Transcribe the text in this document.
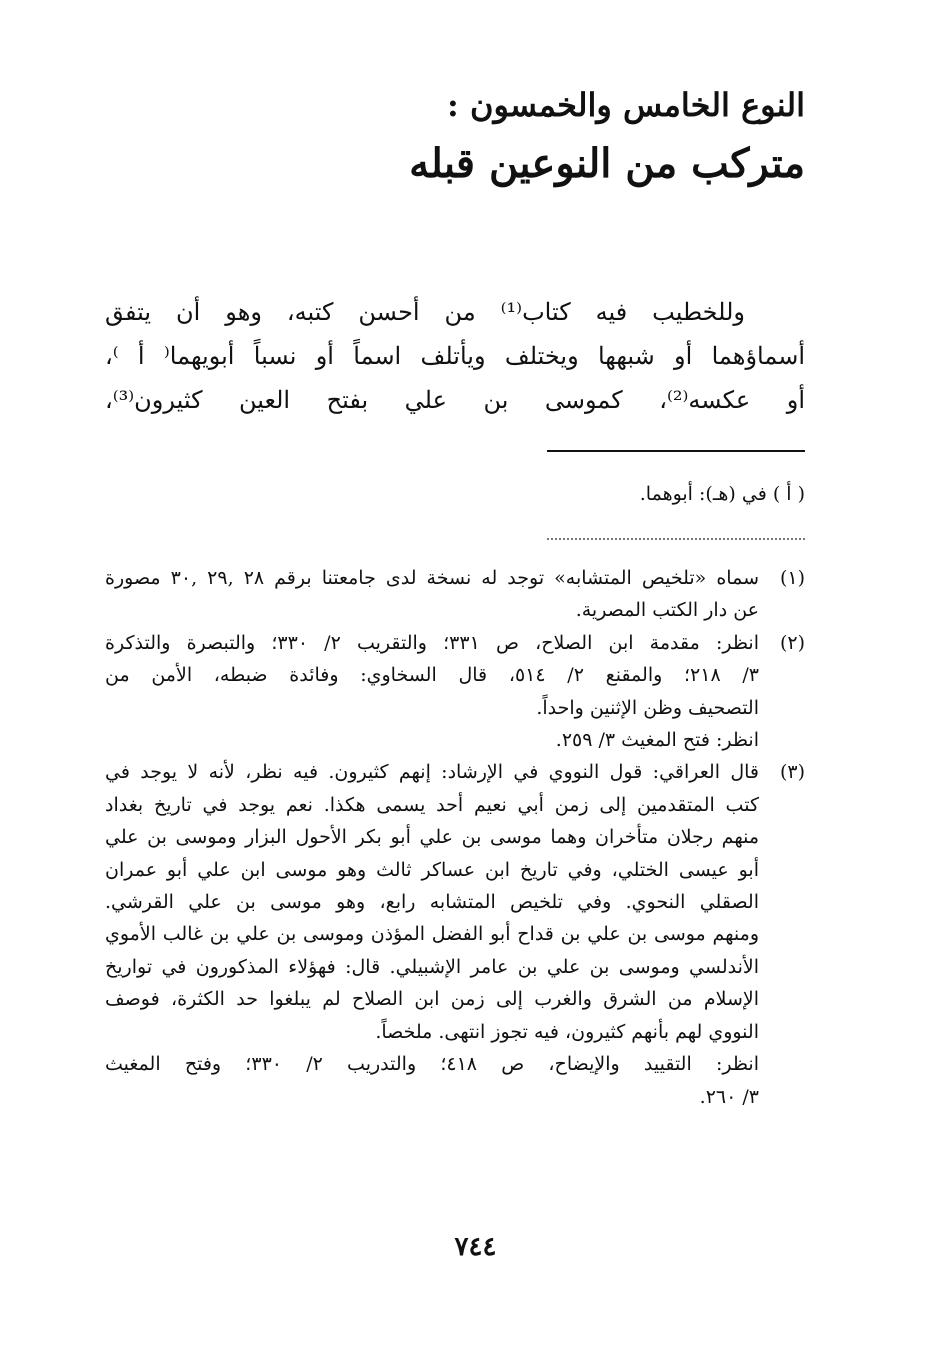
النوع الخامس والخمسون :
متركب من النوعين قبله
وللخطيب فيه كتاب⁽¹⁾ من أحسن كتبه، وهو أن يتفق
أسماؤهما أو شبهها ويختلف ويأتلف اسماً أو نسباً أبويهما⁽ أ ⁾،
أو عكسه⁽²⁾، كموسى بن علي بفتح العين كثيرون⁽³⁾،
( أ ) في (هـ): أبوهما.
(١)
سماه «تلخيص المتشابه» توجد له نسخة لدى جامعتنا برقم ٢٨ ,٢٩ ,٣٠ مصورة
عن دار الكتب المصرية.
(٢)
انظر: مقدمة ابن الصلاح، ص ٣٣١؛ والتقريب ٢/ ٣٣٠؛ والتبصرة والتذكرة
٣/ ٢١٨؛ والمقنع ٢/ ٥١٤، قال السخاوي: وفائدة ضبطه، الأمن من
التصحيف وظن الإثنين واحداً.
انظر: فتح المغيث ٣/ ٢٥٩.
(٣)
قال العراقي: قول النووي في الإرشاد: إنهم كثيرون. فيه نظر، لأنه لا يوجد في
كتب المتقدمين إلى زمن أبي نعيم أحد يسمى هكذا. نعم يوجد في تاريخ بغداد
منهم رجلان متأخران وهما موسى بن علي أبو بكر الأحول البزار وموسى بن علي
أبو عيسى الختلي، وفي تاريخ ابن عساكر ثالث وهو موسى ابن علي أبو عمران
الصقلي النحوي. وفي تلخيص المتشابه رابع، وهو موسى بن علي القرشي.
ومنهم موسى بن علي بن قداح أبو الفضل المؤذن وموسى بن علي بن غالب الأموي
الأندلسي وموسى بن علي بن عامر الإشبيلي. قال: فهؤلاء المذكورون في تواريخ
الإسلام من الشرق والغرب إلى زمن ابن الصلاح لم يبلغوا حد الكثرة، فوصف
النووي لهم بأنهم كثيرون، فيه تجوز انتهى. ملخصاً.
انظر: التقييد والإيضاح، ص ٤١٨؛ والتدريب ٢/ ٣٣٠؛ وفتح المغيث
٣/ ٢٦٠.
٧٤٤
